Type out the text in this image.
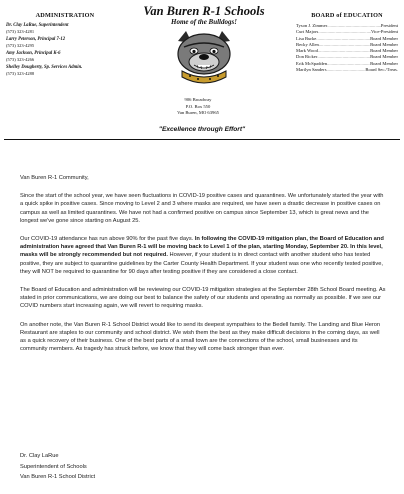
ADMINISTRATION
Dr. Clay LaRue, Superintendent
(573) 323-4281
Larry Peterson, Principal 7-12
(573) 323-4295
Amy Jackson, Principal K-6
(573) 323-4266
Shelley Dougherty, Sp. Services Admin.
(573) 323-4288
Van Buren R-1 Schools
Home of the Bulldogs!
906 Broadway
P.O. Box 550
Van Buren, MO 63965
BOARD of EDUCATION
Tyson J. Zimmer .....	President
Curt Majors .....	Vice-President
Lisa Burke .....	Board Member
Becky Allen .....	Board Member
Mark Wood .....	Board Member
Don Ricker .....	Board Member
Erik McSpadden .....	Board Member
Marilyn Sanders .....	Board Sec./Treas.
"Excellence through Effort"

Van Buren R-1 Community,

Since the start of the school year, we have seen fluctuations in COVID-19 positive cases and quarantines. We unfortunately started the year with a quick spike in positive cases. Since moving to Level 2 and 3 where masks are required, we have seen a drastic decrease in positive cases on campus as well as limited quarantines. We have not had a confirmed positive on campus since September 13, which is great news and the longest we've gone since starting on August 25.

Our COVID-19 attendance has run above 90% for the past five days. In following the COVID-19 mitigation plan, the Board of Education and administration have agreed that Van Buren R-1 will be moving back to Level 1 of the plan, starting Monday, September 20. In this level, masks will be strongly recommended but not required. However, if your student is in direct contact with another student who has tested positive, they are subject to quarantine guidelines by the Carter County Health Department. If your student was one who recently tested positive, they will NOT be required to quarantine for 90 days after testing positive if they are considered a close contact.

The Board of Education and administration will be reviewing our COVID-19 mitigation strategies at the September 28th School Board meeting. As stated in prior communications, we are doing our best to balance the safety of our students and operating as normally as possible. If we see our COVID numbers start increasing again, we will revert to requiring masks.

On another note, the Van Buren R-1 School District would like to send its deepest sympathies to the Bedell family. The Landing and Blue Heron Restaurant are staples to our community and school district. We wish them the best as they make difficult decisions in the coming days, as well as a quick recovery of their business. One of the best parts of a small town are the connections of the school, small businesses and its community members. As tragedy has struck before, we know that they will come back stronger than ever.

Dr. Clay LaRue
Superintendent of Schools
Van Buren R-1 School District
